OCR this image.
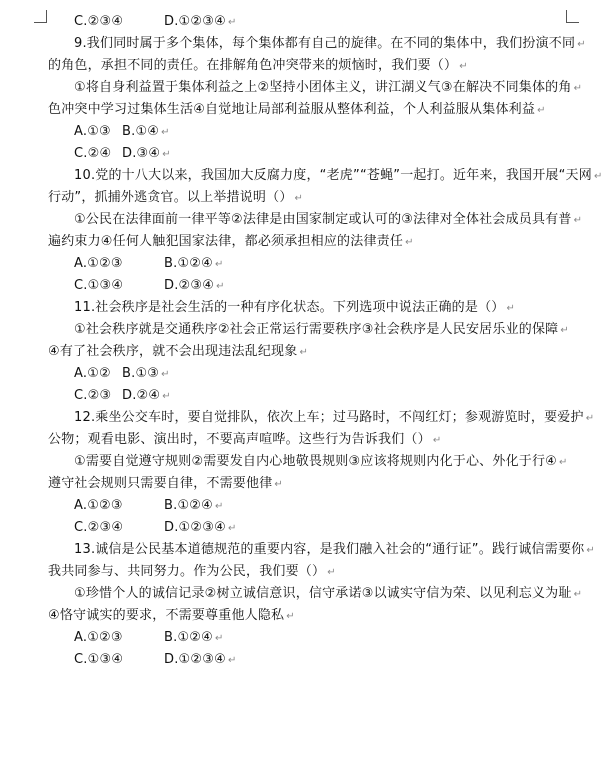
C.②③④	D.①②③④ ↵
9.我们同时属于多个集体，每个集体都有自己的旋律。在不同的集体中，我们扮演不同 ↵
的角色，承担不同的责任。在排解角色冲突带来的烦恼时，我们要（） ↵
①将自身利益置于集体利益之上②坚持小团体主义，讲江湖义气③在解决不同集体的角 ↵
色冲突中学习过集体生活④自觉地让局部利益服从整体利益，个人利益服从集体利益 ↵
A.①③ B.①④ ↵
C.②④ D.③④ ↵
10.党的十八大以来，我国加大反腐力度，“老虎”“苍蝇”一起打。近年来，我国开展“天网 ↵
行动”，抓捕外逃贪官。以上举措说明（） ↵
①公民在法律面前一律平等②法律是由国家制定或认可的③法律对全体社会成员具有普 ↵
遍约束力④任何人触犯国家法律，都必须承担相应的法律责任 ↵
A.①②③	B.①②④ ↵
C.①③④	D.②③④ ↵
11.社会秩序是社会生活的一种有序化状态。下列选项中说法正确的是（） ↵
①社会秩序就是交通秩序②社会正常运行需要秩序③社会秩序是人民安居乐业的保障 ↵
④有了社会秩序，就不会出现违法乱纪现象 ↵
A.①② B.①③ ↵
C.②③ D.②④ ↵
12.乘坐公交车时，要自觉排队，依次上车；过马路时，不闯红灯；参观游览时，要爱护 ↵
公物；观看电影、演出时，不要高声喧哗。这些行为告诉我们（） ↵
①需要自觉遵守规则②需要发自内心地敬畏规则③应该将规则内化于心、外化于行④ ↵
遵守社会规则只需要自律，不需要他律 ↵
A.①②③	B.①②④ ↵
C.②③④	D.①②③④ ↵
13.诚信是公民基本道德规范的重要内容，是我们融入社会的“通行证”。践行诚信需要你 ↵
我共同参与、共同努力。作为公民，我们要（） ↵
①珍惜个人的诚信记录②树立诚信意识，信守承诺③以诚实守信为荣、以见利忘义为耻 ↵
④恪守诚实的要求，不需要尊重他人隐私 ↵
A.①②③	B.①②④ ↵
C.①③④	D.①②③④ ↵
